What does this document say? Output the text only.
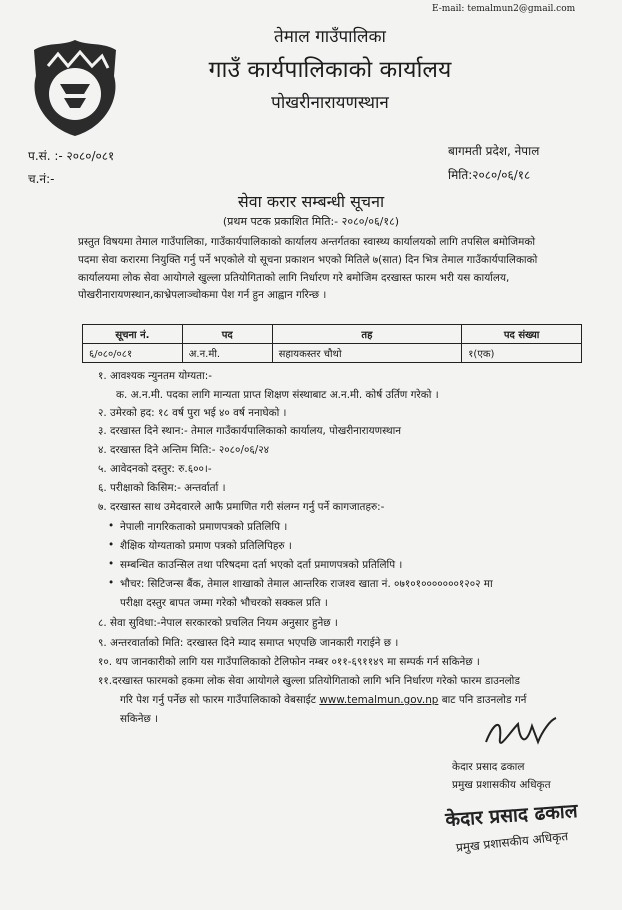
E-mail: temalmun2@gmail.com
तेमाल गाउँपालिका
गाउँ कार्यपालिकाको कार्यालय
पोखरीनारायणस्थान
प.सं. :- २०८०/०८१
च.नं:-
बागमती प्रदेश, नेपाल
मिति:२०८०/०६/१८
सेवा करार सम्बन्धी सूचना
(प्रथम पटक प्रकाशित मिति:- २०८०/०६/१८)
प्रस्तुत विषयमा तेमाल गाउँपालिका, गाउँकार्यपालिकाको कार्यालय अन्तर्गतका स्वास्थ्य कार्यालयको लागि तपसिल बमोजिमको
पदमा सेवा करारमा नियुक्ति गर्नु पर्ने भएकोले यो सूचना प्रकाशन भएको मितिले ७(सात) दिन भित्र तेमाल गाउँकार्यपालिकाको
कार्यालयमा लोक सेवा आयोगले खुल्ला प्रतियोगिताको लागि निर्धारण गरे बमोजिम दरखास्त फारम भरी यस कार्यालय,
पोखरीनारायणस्थान,काभ्रेपलाञ्चोकमा पेश गर्न हुन आह्वान गरिन्छ ।
सूचना नं.	पद	तह	पद संख्या
६/०८०/०८१	अ.न.मी.	सहायकस्तर चौथो	१(एक)
१. आवश्यक न्युनतम योग्यता:-
क. अ.न.मी. पदका लागि मान्यता प्राप्त शिक्षण संस्थाबाट अ.न.मी. कोर्ष उर्तिण गरेको ।
२. उमेरको हद: १८ वर्ष पुरा भई ४० वर्ष ननाघेको ।
३. दरखास्त दिने स्थान:- तेमाल गाउँकार्यपालिकाको कार्यालय, पोखरीनारायणस्थान
४. दरखास्त दिने अन्तिम मिति:- २०८०/०६/२४
५. आवेदनको दस्तुर: रु.६००।-
६. परीक्षाको किसिम:- अन्तर्वार्ता ।
७. दरखास्त साथ उमेदवारले आफै प्रमाणित गरी संलग्न गर्नु पर्ने कागजातहरु:-
• नेपाली नागरिकताको प्रमाणपत्रको प्रतिलिपि ।
• शैक्षिक योग्यताको प्रमाण पत्रको प्रतिलिपिहरु ।
• सम्बन्धित काउन्सिल तथा परिषदमा दर्ता भएको दर्ता प्रमाणपत्रको प्रतिलिपि ।
• भौचर: सिटिजन्स बैंक, तेमाल शाखाको तेमाल आन्तरिक राजश्व खाता नं. ०७१०१०००००००१२०२ मा
परीक्षा दस्तुर बापत जम्मा गरेको भौचरको सक्कल प्रति ।
८. सेवा सुविधा:-नेपाल सरकारको प्रचलित नियम अनुसार हुनेछ ।
९. अन्तरवार्ताको मिति: दरखास्त दिने म्याद समाप्त भएपछि जानकारी गराईने छ ।
१०. थप जानकारीको लागि यस गाउँपालिकाको टेलिफोन नम्बर ०११-६९११४९ मा सम्पर्क गर्न सकिनेछ ।
११.दरखास्त फारमको हकमा लोक सेवा आयोगले खुल्ला प्रतियोगिताको लागि भनि निर्धारण गरेको फारम डाउनलोड
गरि पेश गर्नु पर्नेछ सो फारम गाउँपालिकाको वेबसाईट www.temalmun.gov.np बाट पनि डाउनलोड गर्न
सकिनेछ ।
केदार प्रसाद ढकाल
प्रमुख प्रशासकीय अधिकृत
केदार प्रसाद ढकाल
प्रमुख प्रशासकीय अधिकृत
